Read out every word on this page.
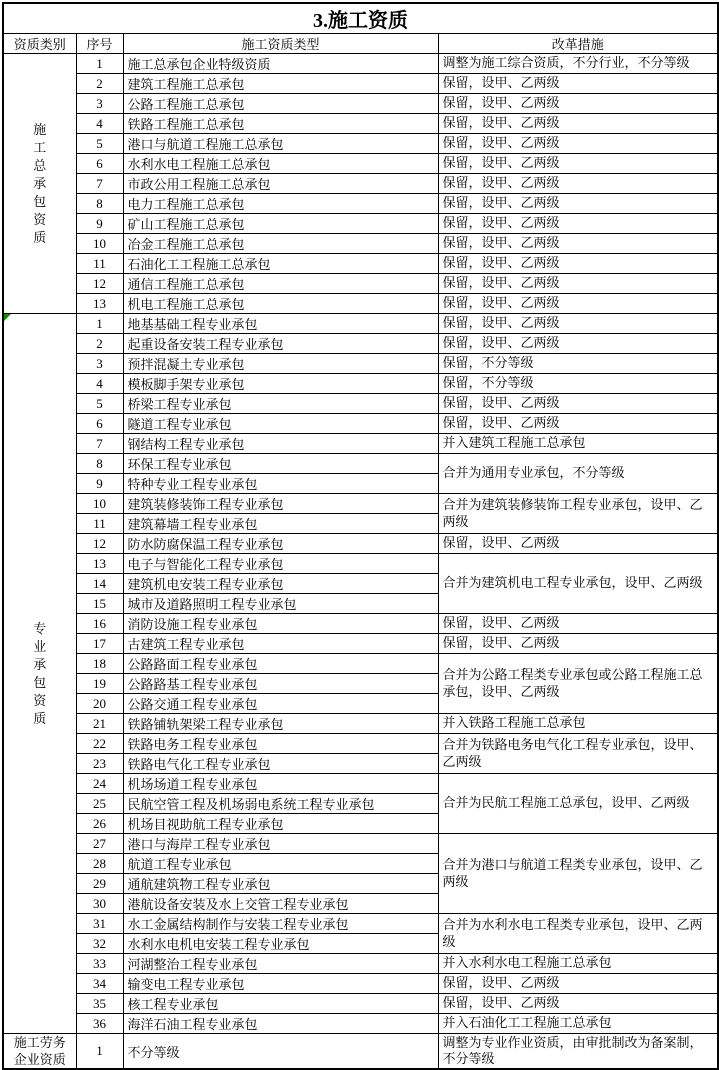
3.施工资质			
资质类别	序号	施工资质类型	改革措施

施
工
总
承
包
资
质
	1	施工总承包企业特级资质	调整为施工综合资质，不分行业，不分等级
	2	建筑工程施工总承包	保留，设甲、乙两级
	3	公路工程施工总承包	保留，设甲、乙两级
	4	铁路工程施工总承包	保留，设甲、乙两级
	5	港口与航道工程施工总承包	保留，设甲、乙两级
	6	水利水电工程施工总承包	保留，设甲、乙两级
	7	市政公用工程施工总承包	保留，设甲、乙两级
	8	电力工程施工总承包	保留，设甲、乙两级
	9	矿山工程施工总承包	保留，设甲、乙两级
	10	冶金工程施工总承包	保留，设甲、乙两级
	11	石油化工工程施工总承包	保留，设甲、乙两级
	12	通信工程施工总承包	保留，设甲、乙两级
	13	机电工程施工总承包	保留，设甲、乙两级

专
业
承
包
资
质
	1	地基基础工程专业承包	保留，设甲、乙两级
	2	起重设备安装工程专业承包	保留，设甲、乙两级
	3	预拌混凝土专业承包	保留，不分等级
	4	模板脚手架专业承包	保留，不分等级
	5	桥梁工程专业承包	保留，设甲、乙两级
	6	隧道工程专业承包	保留，设甲、乙两级
	7	钢结构工程专业承包	并入建筑工程施工总承包
	8	环保工程专业承包	合并为通用专业承包，不分等级
	9	特种专业工程专业承包	
	10	建筑装修装饰工程专业承包	合并为建筑装修装饰工程专业承包，设甲、乙两级
	11	建筑幕墙工程专业承包	
	12	防水防腐保温工程专业承包	保留，设甲、乙两级
	13	电子与智能化工程专业承包	合并为建筑机电工程专业承包，设甲、乙两级
	14	建筑机电安装工程专业承包	
	15	城市及道路照明工程专业承包	
	16	消防设施工程专业承包	保留，设甲、乙两级
	17	古建筑工程专业承包	保留，设甲、乙两级
	18	公路路面工程专业承包	合并为公路工程类专业承包或公路工程施工总承包，设甲、乙两级
	19	公路路基工程专业承包	
	20	公路交通工程专业承包	
	21	铁路铺轨架梁工程专业承包	并入铁路工程施工总承包
	22	铁路电务工程专业承包	合并为铁路电务电气化工程专业承包，设甲、乙两级
	23	铁路电气化工程专业承包	
	24	机场场道工程专业承包	合并为民航工程施工总承包，设甲、乙两级
	25	民航空管工程及机场弱电系统工程专业承包	
	26	机场目视助航工程专业承包	
	27	港口与海岸工程专业承包	合并为港口与航道工程类专业承包，设甲、乙两级
	28	航道工程专业承包	
	29	通航建筑物工程专业承包	
	30	港航设备安装及水上交管工程专业承包	
	31	水工金属结构制作与安装工程专业承包	合并为水利水电工程类专业承包，设甲、乙两级
	32	水利水电机电安装工程专业承包	
	33	河湖整治工程专业承包	并入水利水电工程施工总承包
	34	输变电工程专业承包	保留，设甲、乙两级
	35	核工程专业承包	保留，设甲、乙两级
	36	海洋石油工程专业承包	并入石油化工工程施工总承包

施工劳务企业资质	1	不分等级	调整为专业作业资质，由审批制改为备案制，不分等级
